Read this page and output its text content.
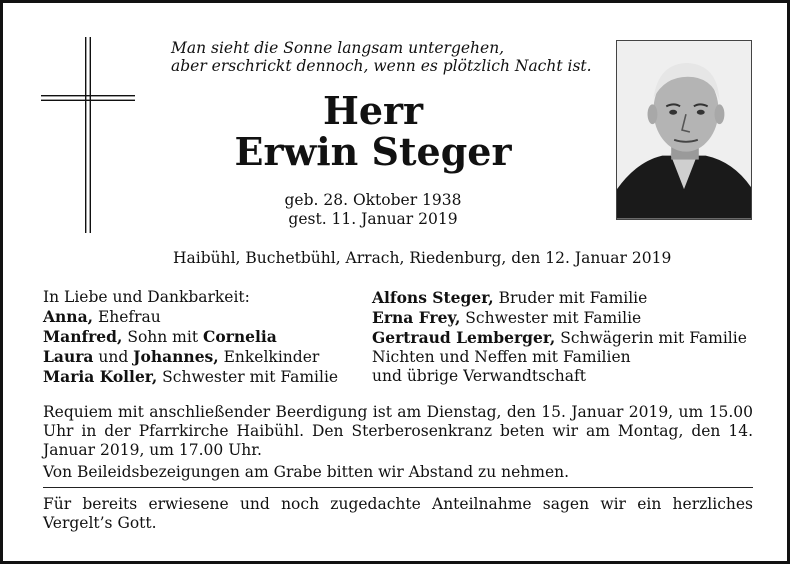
Man sieht die Sonne langsam untergehen,
aber erschrickt dennoch, wenn es plötzlich Nacht ist.
Herr
Erwin Steger
geb. 28. Oktober 1938
gest. 11. Januar 2019
Haibühl, Buchetbühl, Arrach, Riedenburg, den 12. Januar 2019
In Liebe und Dankbarkeit:
Anna, Ehefrau
Manfred, Sohn mit Cornelia
Laura und Johannes, Enkelkinder
Maria Koller, Schwester mit Familie
Alfons Steger, Bruder mit Familie
Erna Frey, Schwester mit Familie
Gertraud Lemberger, Schwägerin mit Familie
Nichten und Neffen mit Familien
und übrige Verwandtschaft
Requiem mit anschließender Beerdigung ist am Dienstag, den 15. Januar 2019, um 15.00 Uhr in der Pfarrkirche Haibühl. Den Sterberosenkranz beten wir am Montag, den 14. Januar 2019, um 17.00 Uhr.
Von Beileidsbezeigungen am Grabe bitten wir Abstand zu nehmen.
Für bereits erwiesene und noch zugedachte Anteilnahme sagen wir ein herzliches Vergelt’s Gott.
